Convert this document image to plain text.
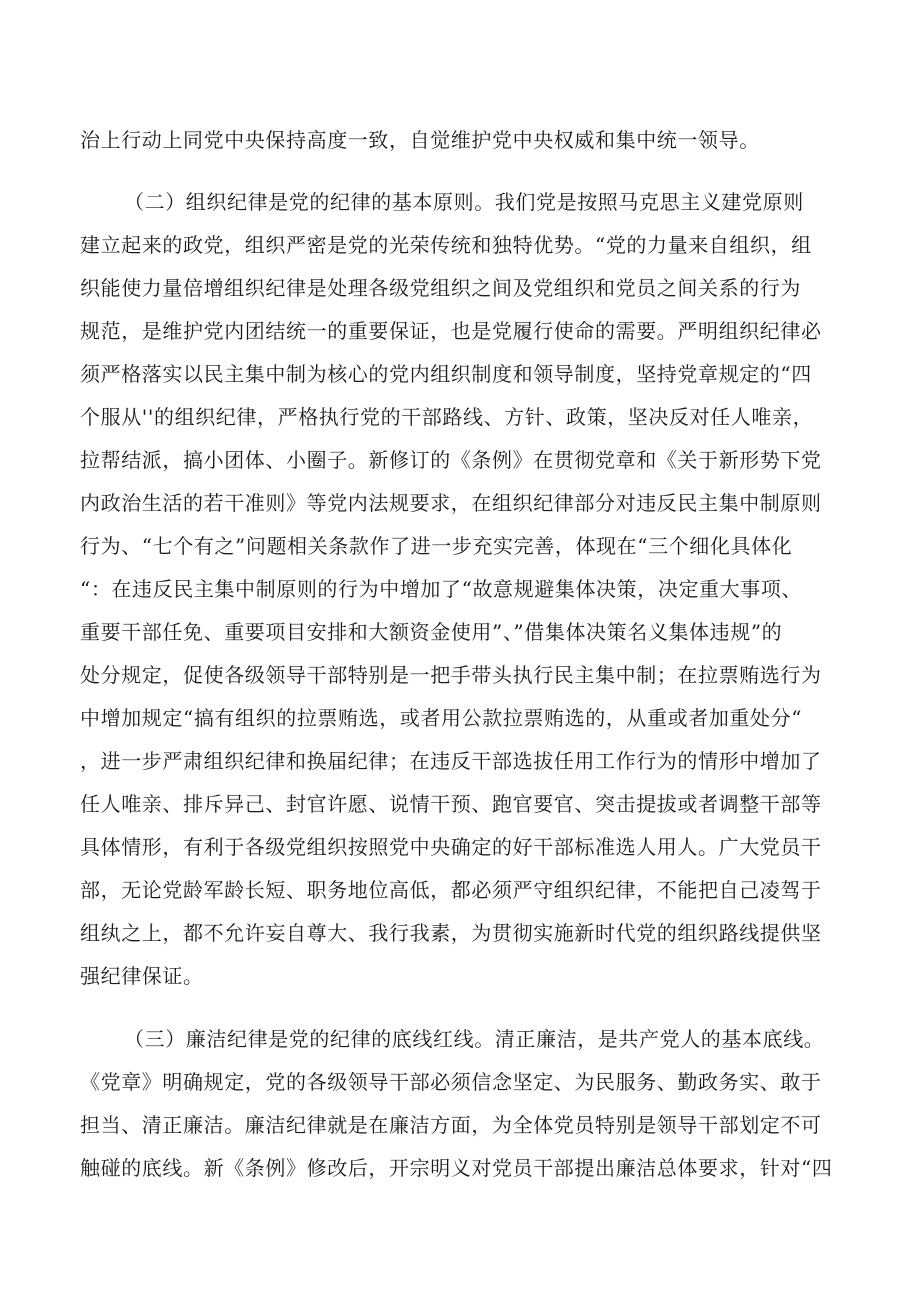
治上行动上同党中央保持高度一致，自觉维护党中央权威和集中统一领导。
（二）组织纪律是党的纪律的基本原则。我们党是按照马克思主义建党原则
建立起来的政党，组织严密是党的光荣传统和独特优势。“党的力量来自组织，组
织能使力量倍增组织纪律是处理各级党组织之间及党组织和党员之间关系的行为
规范，是维护党内团结统一的重要保证，也是党履行使命的需要。严明组织纪律必
须严格落实以民主集中制为核心的党内组织制度和领导制度，坚持党章规定的“四
个服从''的组织纪律，严格执行党的干部路线、方针、政策，坚决反对任人唯亲，
拉帮结派，搞小团体、小圈子。新修订的《条例》在贯彻党章和《关于新形势下党
内政治生活的若干准则》等党内法规要求，在组织纪律部分对违反民主集中制原则
行为、“七个有之”问题相关条款作了进一步充实完善，体现在“三个细化具体化
“：在违反民主集中制原则的行为中增加了“故意规避集体决策，决定重大事项、
重要干部任免、重要项目安排和大额资金使用”、”借集体决策名义集体违规”的
处分规定，促使各级领导干部特别是一把手带头执行民主集中制；在拉票贿选行为
中增加规定“搞有组织的拉票贿选，或者用公款拉票贿选的，从重或者加重处分“
，进一步严肃组织纪律和换届纪律；在违反干部选拔任用工作行为的情形中增加了
任人唯亲、排斥异己、封官许愿、说情干预、跑官要官、突击提拔或者调整干部等
具体情形，有利于各级党组织按照党中央确定的好干部标准选人用人。广大党员干
部，无论党龄军龄长短、职务地位高低，都必须严守组织纪律，不能把自己凌驾于
组纨之上，都不允许妄自尊大、我行我素，为贯彻实施新时代党的组织路线提供坚
强纪律保证。
（三）廉洁纪律是党的纪律的底线红线。清正廉洁，是共产党人的基本底线。
《党章》明确规定，党的各级领导干部必须信念坚定、为民服务、勤政务实、敢于
担当、清正廉洁。廉洁纪律就是在廉洁方面，为全体党员特别是领导干部划定不可
触碰的底线。新《条例》修改后，开宗明义对党员干部提出廉洁总体要求，针对“四
